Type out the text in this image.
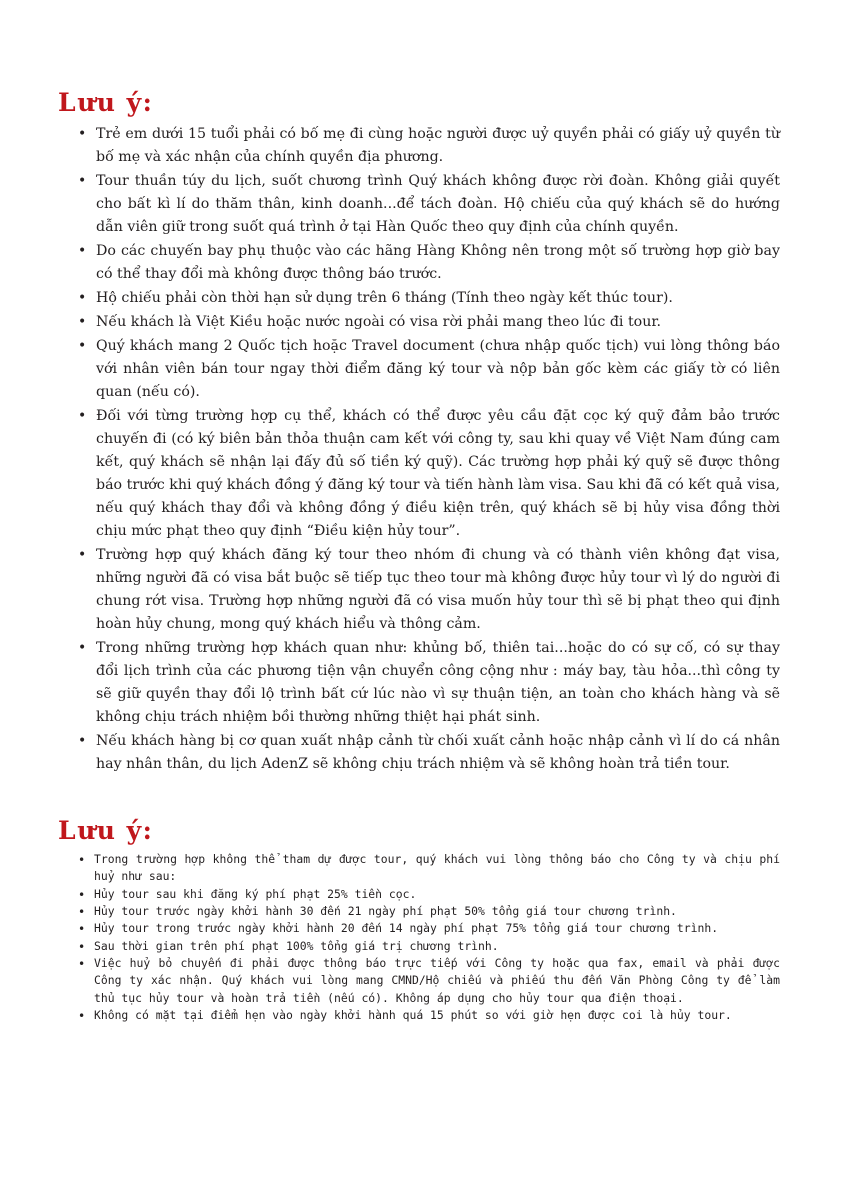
Lưu ý:
• Trẻ em dưới 15 tuổi phải có bố mẹ đi cùng hoặc người được uỷ quyền phải có giấy uỷ quyền từ bố mẹ và xác nhận của chính quyền địa phương.
• Tour thuần túy du lịch, suốt chương trình Quý khách không được rời đoàn. Không giải quyết cho bất kì lí do thăm thân, kinh doanh...để tách đoàn. Hộ chiếu của quý khách sẽ do hướng dẫn viên giữ trong suốt quá trình ở tại Hàn Quốc theo quy định của chính quyền.
• Do các chuyến bay phụ thuộc vào các hãng Hàng Không nên trong một số trường hợp giờ bay có thể thay đổi mà không được thông báo trước.
• Hộ chiếu phải còn thời hạn sử dụng trên 6 tháng (Tính theo ngày kết thúc tour).
• Nếu khách là Việt Kiều hoặc nước ngoài có visa rời phải mang theo lúc đi tour.
• Quý khách mang 2 Quốc tịch hoặc Travel document (chưa nhập quốc tịch) vui lòng thông báo với nhân viên bán tour ngay thời điểm đăng ký tour và nộp bản gốc kèm các giấy tờ có liên quan (nếu có).
• Đối với từng trường hợp cụ thể, khách có thể được yêu cầu đặt cọc ký quỹ đảm bảo trước chuyến đi (có ký biên bản thỏa thuận cam kết với công ty, sau khi quay về Việt Nam đúng cam kết, quý khách sẽ nhận lại đấy đủ số tiền ký quỹ). Các trường hợp phải ký quỹ sẽ được thông báo trước khi quý khách đồng ý đăng ký tour và tiến hành làm visa. Sau khi đã có kết quả visa, nếu quý khách thay đổi và không đồng ý điều kiện trên, quý khách sẽ bị hủy visa đồng thời chịu mức phạt theo quy định “Điều kiện hủy tour”.
• Trường hợp quý khách đăng ký tour theo nhóm đi chung và có thành viên không đạt visa, những người đã có visa bắt buộc sẽ tiếp tục theo tour mà không được hủy tour vì lý do người đi chung rớt visa. Trường hợp những người đã có visa muốn hủy tour thì sẽ bị phạt theo qui định hoàn hủy chung, mong quý khách hiểu và thông cảm.
• Trong những trường hợp khách quan như: khủng bố, thiên tai...hoặc do có sự cố, có sự thay đổi lịch trình của các phương tiện vận chuyển công cộng như : máy bay, tàu hỏa...thì công ty sẽ giữ quyền thay đổi lộ trình bất cứ lúc nào vì sự thuận tiện, an toàn cho khách hàng và sẽ không chịu trách nhiệm bồi thường những thiệt hại phát sinh.
• Nếu khách hàng bị cơ quan xuất nhập cảnh từ chối xuất cảnh hoặc nhập cảnh vì lí do cá nhân hay nhân thân, du lịch AdenZ sẽ không chịu trách nhiệm và sẽ không hoàn trả tiền tour.
Lưu ý:
• Trong trường hợp không thể tham dự được tour, quý khách vui lòng thông báo cho Công ty và chịu phí huỷ như sau:
• Hủy tour sau khi đăng ký phí phạt 25% tiền cọc.
• Hủy tour trước ngày khởi hành 30 đến 21 ngày phí phạt 50% tổng giá tour chương trình.
• Hủy tour trong trước ngày khởi hành 20 đến 14 ngày phí phạt 75% tổng giá tour chương trình.
• Sau thời gian trên phí phạt 100% tổng giá trị chương trình.
• Việc huỷ bỏ chuyến đi phải được thông báo trực tiếp với Công ty hoặc qua fax, email và phải được Công ty xác nhận. Quý khách vui lòng mang CMND/Hộ chiếu và phiếu thu đến Văn Phòng Công ty để làm thủ tục hủy tour và hoàn trả tiền (nếu có). Không áp dụng cho hủy tour qua điện thoại.
• Không có mặt tại điểm hẹn vào ngày khởi hành quá 15 phút so với giờ hẹn được coi là hủy tour.
